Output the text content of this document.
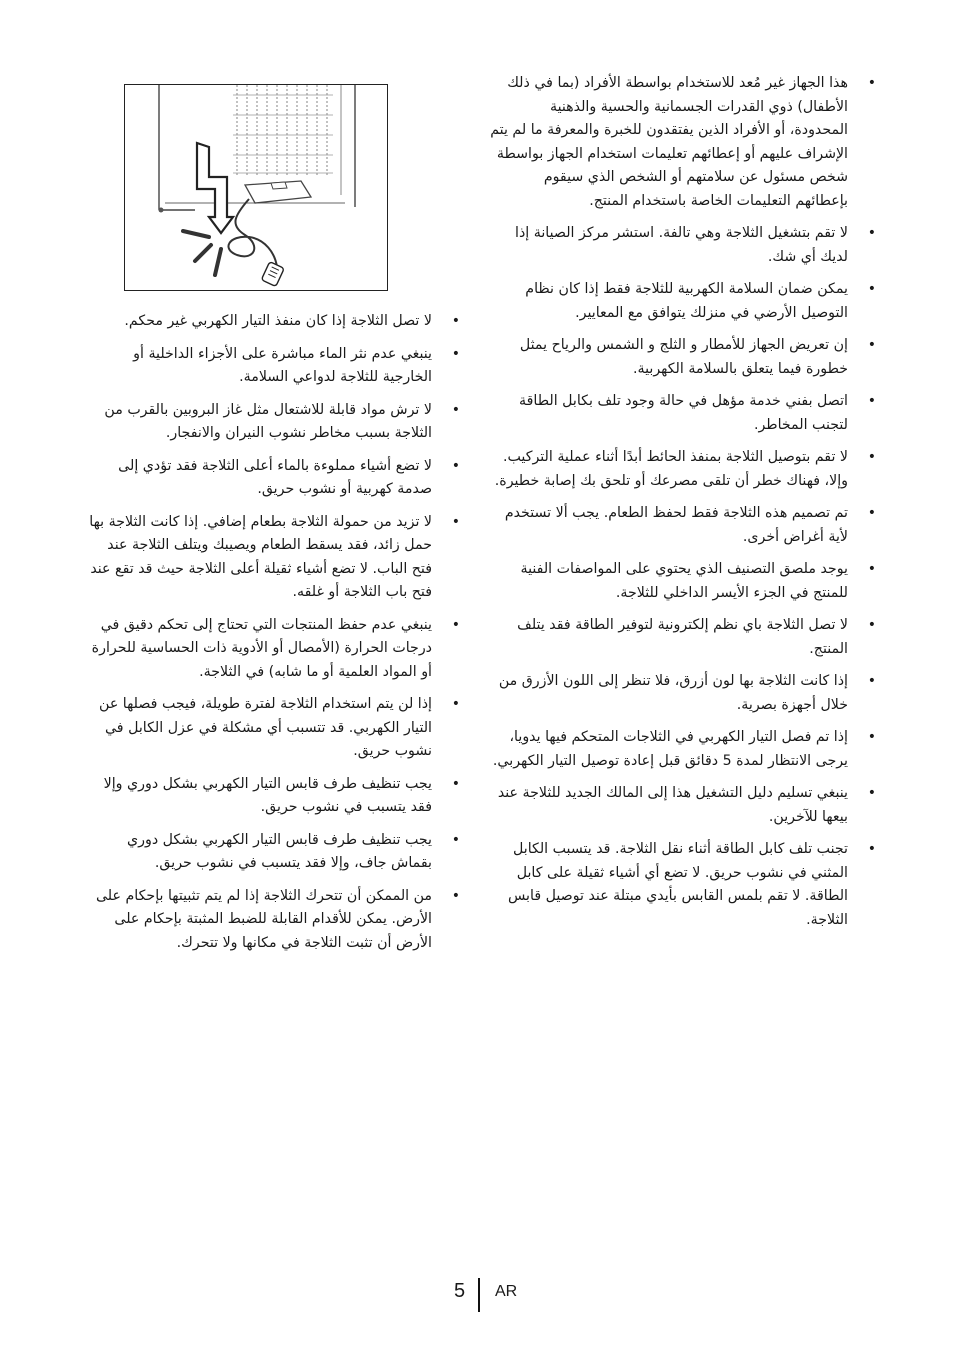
• هذا الجهاز غير مُعد للاستخدام بواسطة الأفراد (بما في ذلك الأطفال) ذوي القدرات الجسمانية والحسية والذهنية المحدودة، أو الأفراد الذين يفتقدون للخبرة والمعرفة ما لم يتم الإشراف عليهم أو إعطائهم تعليمات استخدام الجهاز بواسطة شخص مسئول عن سلامتهم أو الشخص الذي سيقوم بإعطائهم التعليمات الخاصة باستخدام المنتج.
• لا تقم بتشغيل الثلاجة وهي تالفة. استشر مركز الصيانة إذا لديك أي شك.
• يمكن ضمان السلامة الكهربية للثلاجة فقط إذا كان نظام التوصيل الأرضي في منزلك يتوافق مع المعايير.
• إن تعريض الجهاز للأمطار و الثلج و الشمس والرياح يمثل خطورة فيما يتعلق بالسلامة الكهربية.
• اتصل بفني خدمة مؤهل في حالة وجود تلف بكابل الطاقة لتجنب المخاطر.
• لا تقم بتوصيل الثلاجة بمنفذ الحائط أبدًا أثناء عملية التركيب. وإلا، فهناك خطر أن تلقى مصرعك أو تلحق بك إصابة خطيرة.
• تم تصميم هذه الثلاجة فقط لحفظ الطعام. يجب ألا تستخدم لأية أغراض أخرى.
• يوجد ملصق التصنيف الذي يحتوي على المواصفات الفنية للمنتج في الجزء الأيسر الداخلي للثلاجة.
• لا تصل الثلاجة باي نظم إلكترونية لتوفير الطاقة فقد يتلف المنتج.
• إذا كانت الثلاجة بها لون أزرق، فلا تنظر إلى اللون الأزرق من خلال أجهزة بصرية.
• إذا تم فصل التيار الكهربي في الثلاجات المتحكم فيها يدويا، يرجى الانتظار لمدة 5 دقائق قبل إعادة توصيل التيار الكهربي.
• ينبغي تسليم دليل التشغيل هذا إلى المالك الجديد للثلاجة عند بيعها للآخرين.
• تجنب تلف كابل الطاقة أثناء نقل الثلاجة. قد يتسبب الكابل المثني في نشوب حريق. لا تضع أي أشياء ثقيلة على كابل الطاقة. لا تقم بلمس القابس بأيدي مبتلة عند توصيل قابس الثلاجة.
• لا تصل الثلاجة إذا كان منفذ التيار الكهربي غير محكم.
• ينبغي عدم نثر الماء مباشرة على الأجزاء الداخلية أو الخارجية للثلاجة لدواعي السلامة.
• لا ترش مواد قابلة للاشتعال مثل غاز البروبين بالقرب من الثلاجة بسبب مخاطر نشوب النيران والانفجار.
• لا تضع أشياء مملوءة بالماء أعلى الثلاجة فقد تؤدي إلى صدمة كهربية أو نشوب حريق.
• لا تزيد من حمولة الثلاجة بطعام إضافي. إذا كانت الثلاجة بها حمل زائد، فقد يسقط الطعام ويصيبك ويتلف الثلاجة عند فتح الباب. لا تضع أشياء ثقيلة أعلى الثلاجة حيث قد تقع عند فتح باب الثلاجة أو غلقه.
• ينبغي عدم حفظ المنتجات التي تحتاج إلى تحكم دقيق في درجات الحرارة (الأمصال أو الأدوية ذات الحساسية للحرارة أو المواد العلمية أو ما شابه) في الثلاجة.
• إذا لن يتم استخدام الثلاجة لفترة طويلة، فيجب فصلها عن التيار الكهربي. قد تتسبب أي مشكلة في عزل الكابل في نشوب حريق.
• يجب تنظيف طرف قابس التيار الكهربي بشكل دوري وإلا فقد يتسبب في نشوب حريق.
• يجب تنظيف طرف قابس التيار الكهربي بشكل دوري بقماش جاف، وإلا فقد يتسبب في نشوب حريق.
• من الممكن أن تتحرك الثلاجة إذا لم يتم تثبيتها بإحكام على الأرض. يمكن للأقدام القابلة للضبط المثبتة بإحكام على الأرض أن تثبت الثلاجة في مكانها ولا تتحرك.
5 AR
